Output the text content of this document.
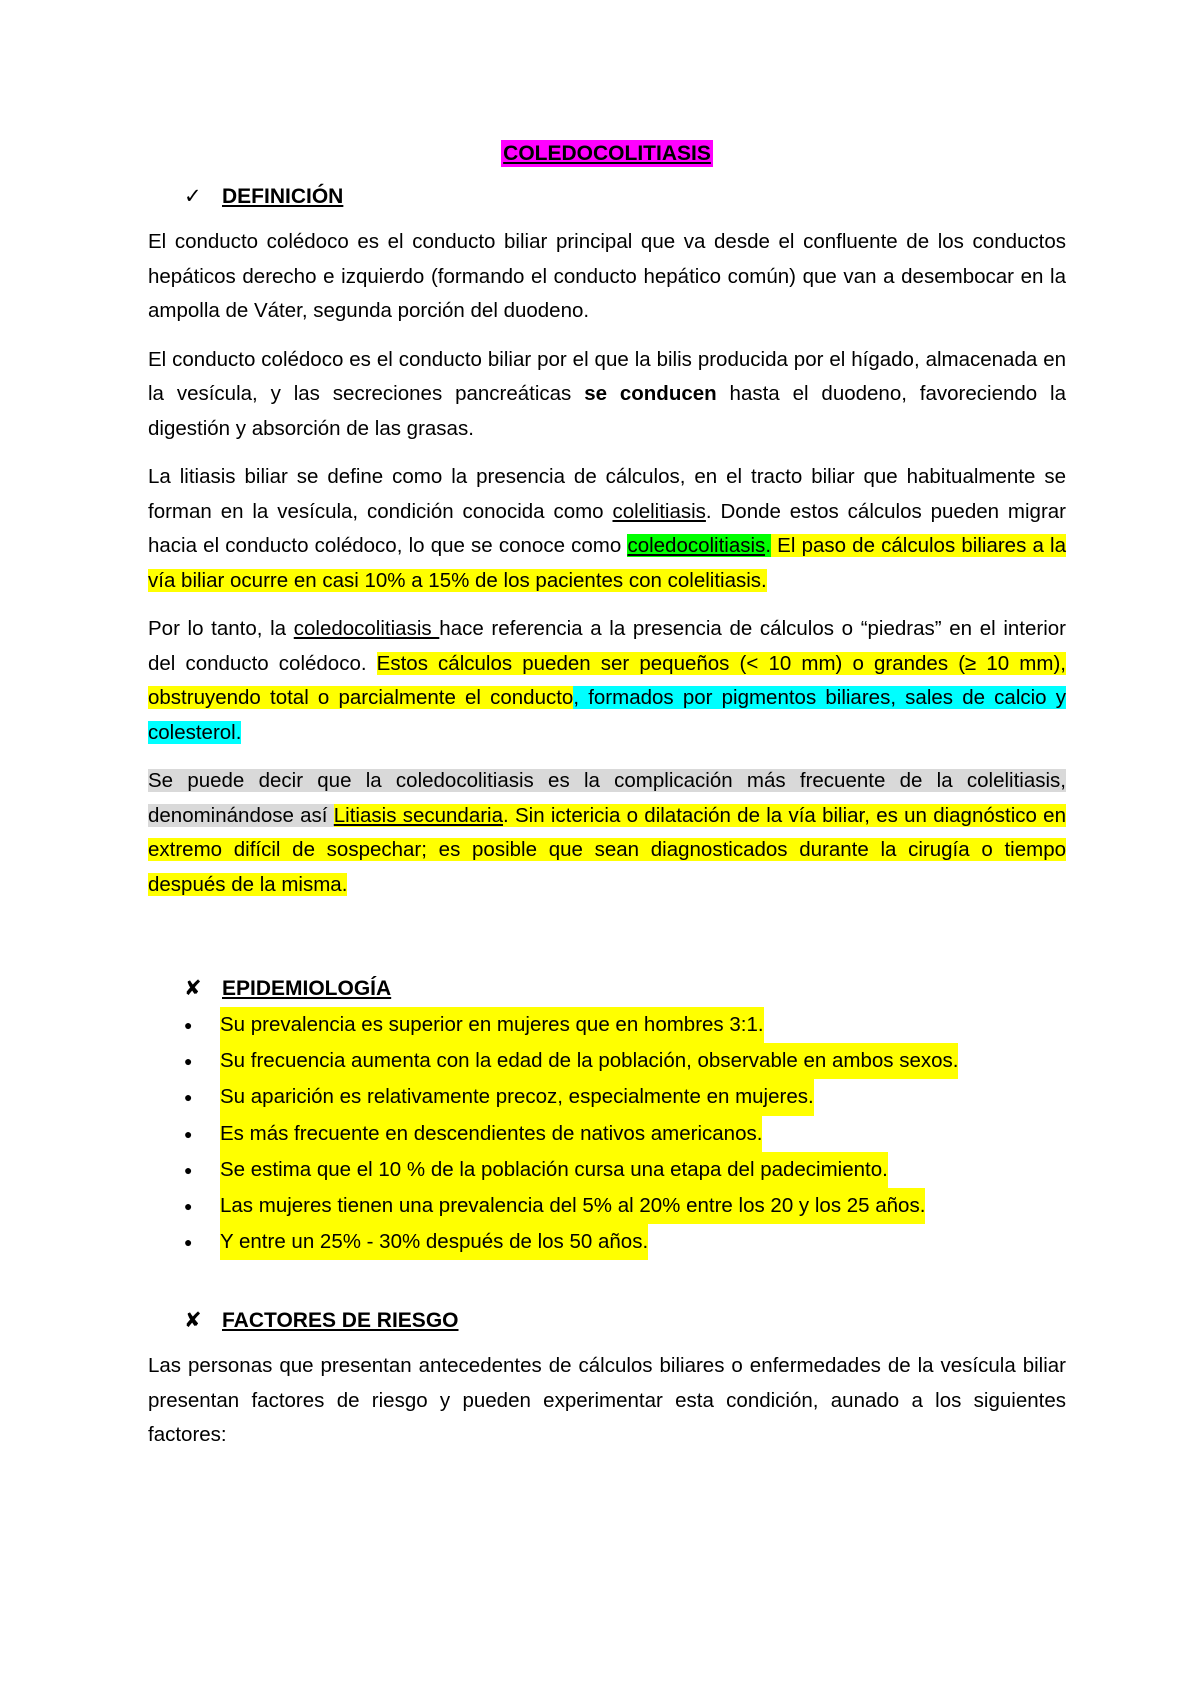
COLEDOCOLITIASIS
✓ DEFINICIÓN

El conducto colédoco es el conducto biliar principal que va desde el confluente de los conductos hepáticos derecho e izquierdo (formando el conducto hepático común) que van a desembocar en la ampolla de Váter, segunda porción del duodeno.

El conducto colédoco es el conducto biliar por el que la bilis producida por el hígado, almacenada en la vesícula, y las secreciones pancreáticas se conducen hasta el duodeno, favoreciendo la digestión y absorción de las grasas.

La litiasis biliar se define como la presencia de cálculos, en el tracto biliar que habitualmente se forman en la vesícula, condición conocida como colelitiasis. Donde estos cálculos pueden migrar hacia el conducto colédoco, lo que se conoce como coledocolitiasis. El paso de cálculos biliares a la vía biliar ocurre en casi 10% a 15% de los pacientes con colelitiasis.

Por lo tanto, la coledocolitiasis hace referencia a la presencia de cálculos o “piedras” en el interior del conducto colédoco. Estos cálculos pueden ser pequeños (< 10 mm) o grandes (≥ 10 mm), obstruyendo total o parcialmente el conducto, formados por pigmentos biliares, sales de calcio y colesterol.

Se puede decir que la coledocolitiasis es la complicación más frecuente de la colelitiasis, denominándose así Litiasis secundaria. Sin ictericia o dilatación de la vía biliar, es un diagnóstico en extremo difícil de sospechar; es posible que sean diagnosticados durante la cirugía o tiempo después de la misma.

✘ EPIDEMIOLOGÍA
●	Su prevalencia es superior en mujeres que en hombres 3:1.
●	Su frecuencia aumenta con la edad de la población, observable en ambos sexos.
●	Su aparición es relativamente precoz, especialmente en mujeres.
●	Es más frecuente en descendientes de nativos americanos.
●	Se estima que el 10 % de la población cursa una etapa del padecimiento.
●	Las mujeres tienen una prevalencia del 5% al 20% entre los 20 y los 25 años.
●	Y entre un 25% - 30% después de los 50 años.
✘ FACTORES DE RIESGO

Las personas que presentan antecedentes de cálculos biliares o enfermedades de la vesícula biliar presentan factores de riesgo y pueden experimentar esta condición, aunado a los siguientes factores:
